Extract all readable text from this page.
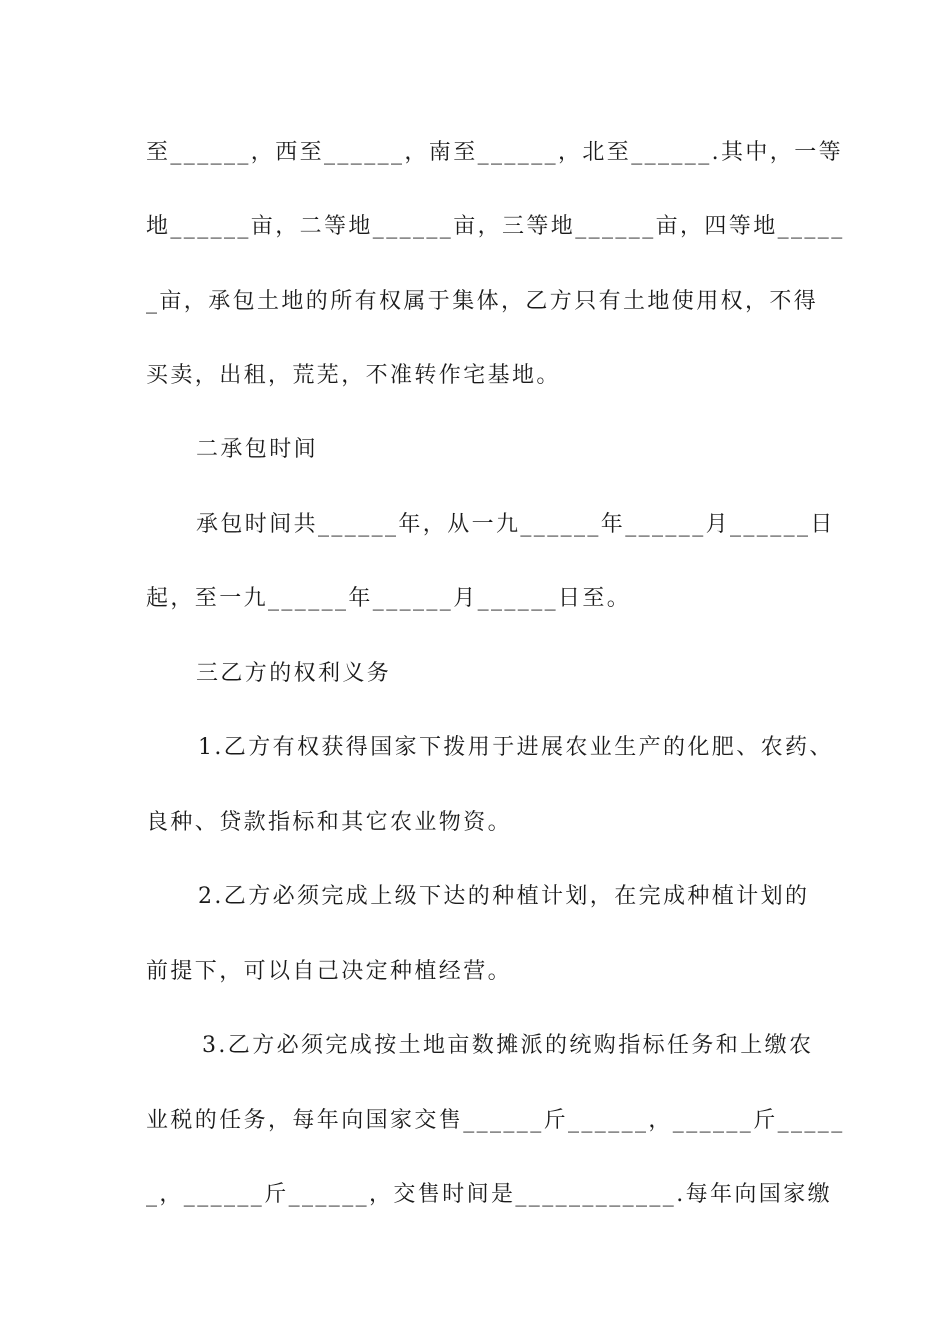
至______，西至______，南至______，北至______.其中，一等
地______亩，二等地______亩，三等地______亩，四等地_____
_亩，承包土地的所有权属于集体，乙方只有土地使用权，不得
买卖，出租，荒芜，不准转作宅基地。
二承包时间
承包时间共______年，从一九______年______月______日
起，至一九______年______月______日至。
三乙方的权利义务
1.乙方有权获得国家下拨用于进展农业生产的化肥、农药、
良种、贷款指标和其它农业物资。
2.乙方必须完成上级下达的种植计划，在完成种植计划的
前提下，可以自己决定种植经营。
3.乙方必须完成按土地亩数摊派的统购指标任务和上缴农
业税的任务，每年向国家交售______斤______，______斤_____
_，______斤______，交售时间是____________.每年向国家缴
